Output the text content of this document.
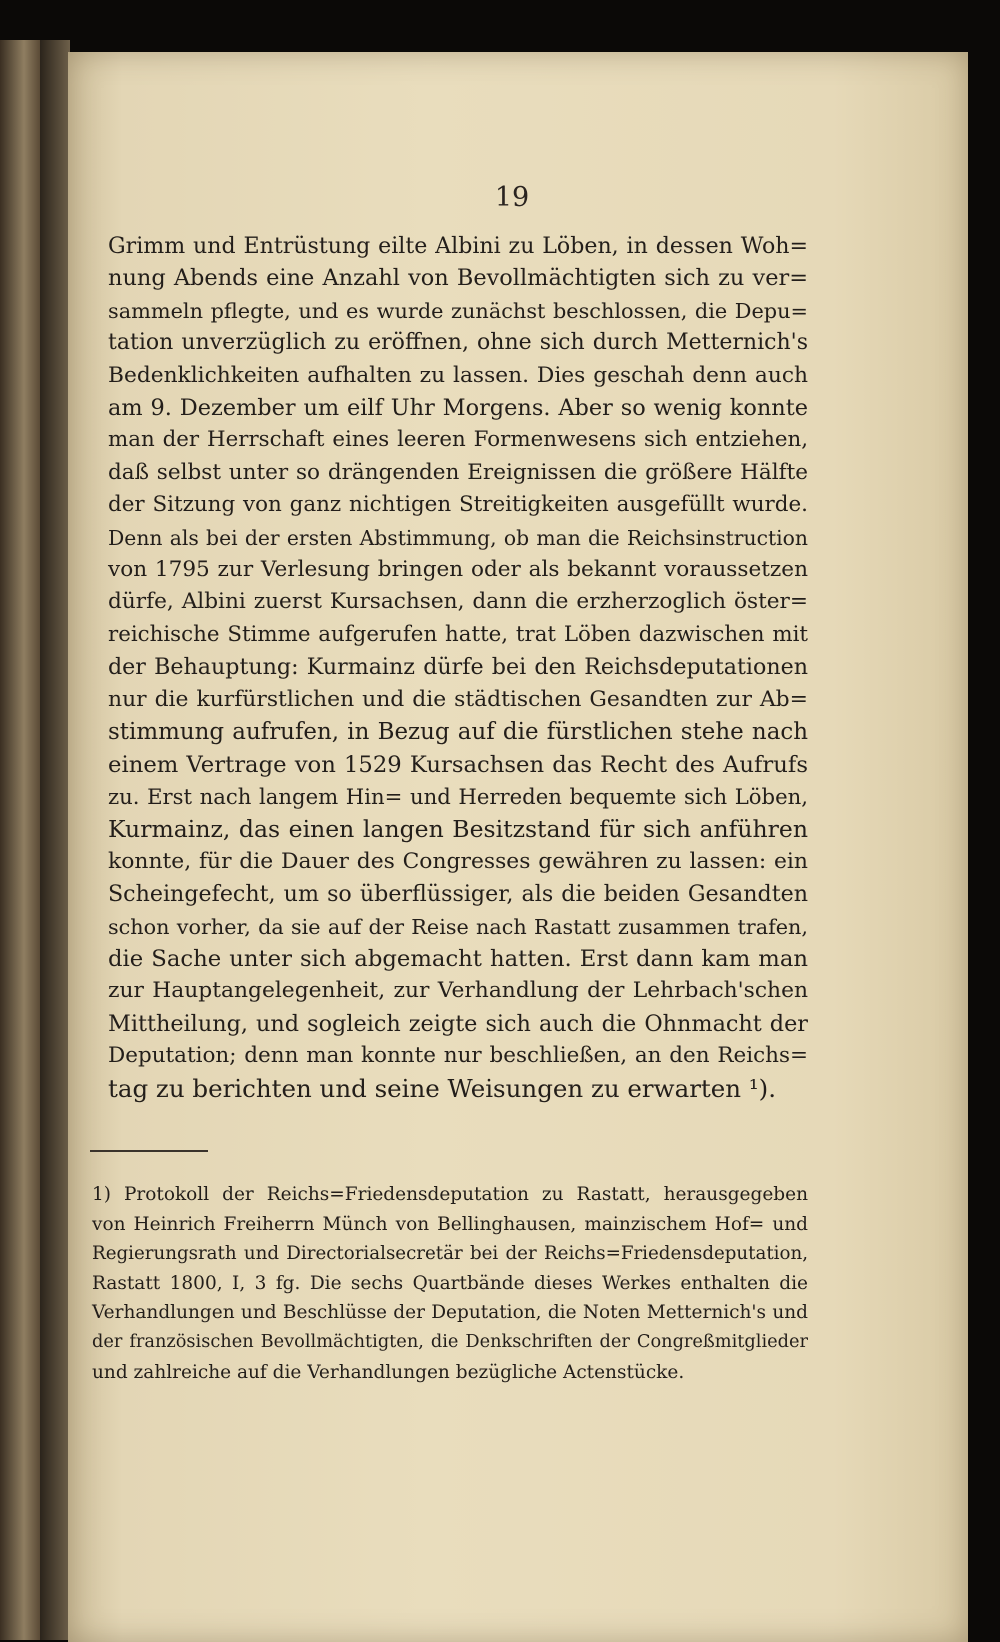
19
Grimm und Entrüstung eilte Albini zu Löben, in dessen Woh=
nung Abends eine Anzahl von Bevollmächtigten sich zu ver=
sammeln pflegte, und es wurde zunächst beschlossen, die Depu=
tation unverzüglich zu eröffnen, ohne sich durch Metternich's
Bedenklichkeiten aufhalten zu lassen. Dies geschah denn auch
am 9. Dezember um eilf Uhr Morgens. Aber so wenig konnte
man der Herrschaft eines leeren Formenwesens sich entziehen,
daß selbst unter so drängenden Ereignissen die größere Hälfte
der Sitzung von ganz nichtigen Streitigkeiten ausgefüllt wurde.
Denn als bei der ersten Abstimmung, ob man die Reichsinstruction
von 1795 zur Verlesung bringen oder als bekannt voraussetzen
dürfe, Albini zuerst Kursachsen, dann die erzherzoglich öster=
reichische Stimme aufgerufen hatte, trat Löben dazwischen mit
der Behauptung: Kurmainz dürfe bei den Reichsdeputationen
nur die kurfürstlichen und die städtischen Gesandten zur Ab=
stimmung aufrufen, in Bezug auf die fürstlichen stehe nach
einem Vertrage von 1529 Kursachsen das Recht des Aufrufs
zu. Erst nach langem Hin= und Herreden bequemte sich Löben,
Kurmainz, das einen langen Besitzstand für sich anführen
konnte, für die Dauer des Congresses gewähren zu lassen: ein
Scheingefecht, um so überflüssiger, als die beiden Gesandten
schon vorher, da sie auf der Reise nach Rastatt zusammen trafen,
die Sache unter sich abgemacht hatten. Erst dann kam man
zur Hauptangelegenheit, zur Verhandlung der Lehrbach'schen
Mittheilung, und sogleich zeigte sich auch die Ohnmacht der
Deputation; denn man konnte nur beschließen, an den Reichs=
tag zu berichten und seine Weisungen zu erwarten ¹).
1) Protokoll der Reichs=Friedensdeputation zu Rastatt, herausgegeben
von Heinrich Freiherrn Münch von Bellinghausen, mainzischem Hof= und
Regierungsrath und Directorialsecretär bei der Reichs=Friedensdeputation,
Rastatt 1800, I, 3 fg. Die sechs Quartbände dieses Werkes enthalten die
Verhandlungen und Beschlüsse der Deputation, die Noten Metternich's und
der französischen Bevollmächtigten, die Denkschriften der Congreßmitglieder
und zahlreiche auf die Verhandlungen bezügliche Actenstücke.
